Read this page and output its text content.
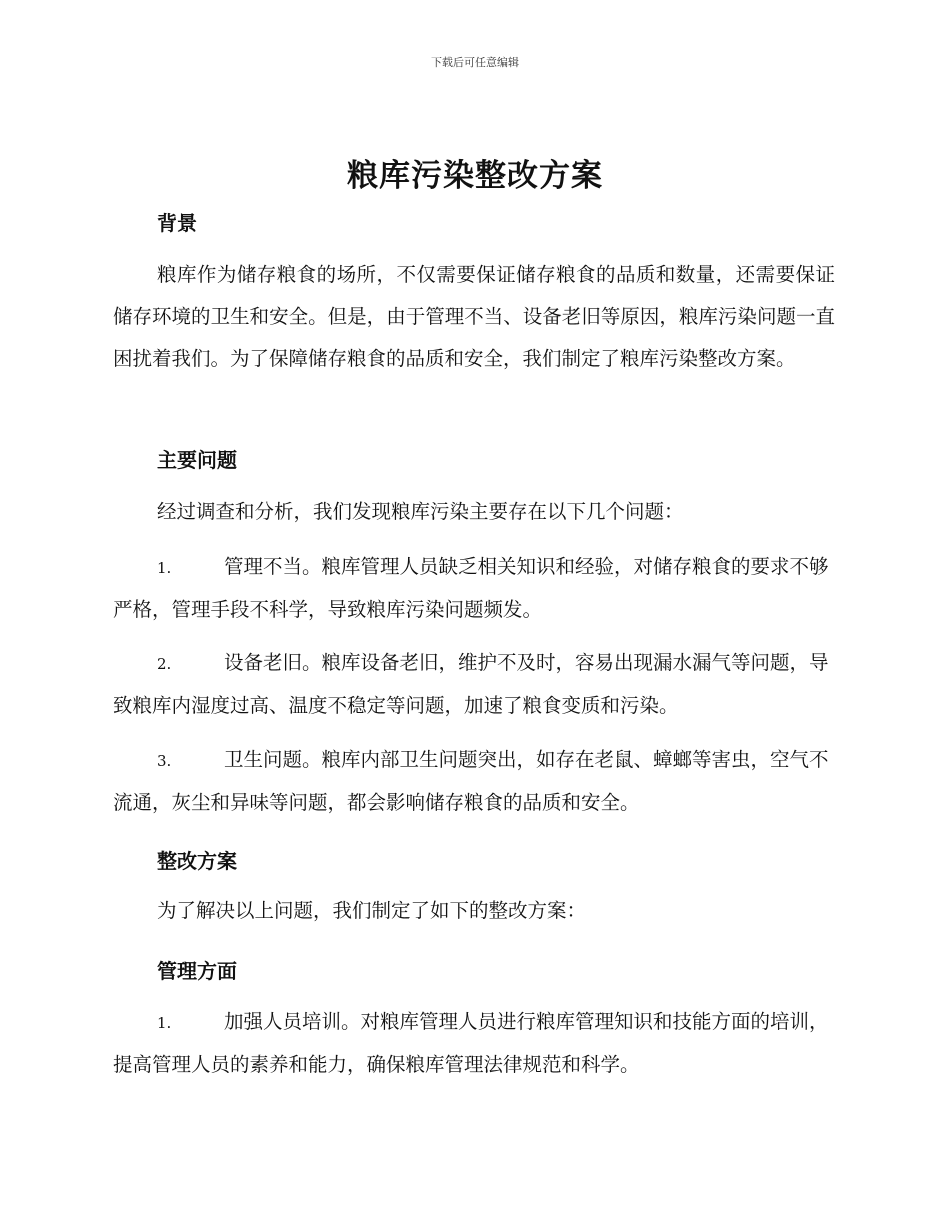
下载后可任意编辑
粮库污染整改方案
背景
粮库作为储存粮食的场所，不仅需要保证储存粮食的品质和数量，还需要保证储存环境的卫生和安全。但是，由于管理不当、设备老旧等原因，粮库污染问题一直困扰着我们。为了保障储存粮食的品质和安全，我们制定了粮库污染整改方案。
主要问题
经过调查和分析，我们发现粮库污染主要存在以下几个问题：
1.	管理不当。粮库管理人员缺乏相关知识和经验，对储存粮食的要求不够严格，管理手段不科学，导致粮库污染问题频发。
2.	设备老旧。粮库设备老旧，维护不及时，容易出现漏水漏气等问题，导致粮库内湿度过高、温度不稳定等问题，加速了粮食变质和污染。
3.	卫生问题。粮库内部卫生问题突出，如存在老鼠、蟑螂等害虫，空气不流通，灰尘和异味等问题，都会影响储存粮食的品质和安全。
整改方案
为了解决以上问题，我们制定了如下的整改方案：
管理方面
1.	加强人员培训。对粮库管理人员进行粮库管理知识和技能方面的培训，提高管理人员的素养和能力，确保粮库管理法律规范和科学。
